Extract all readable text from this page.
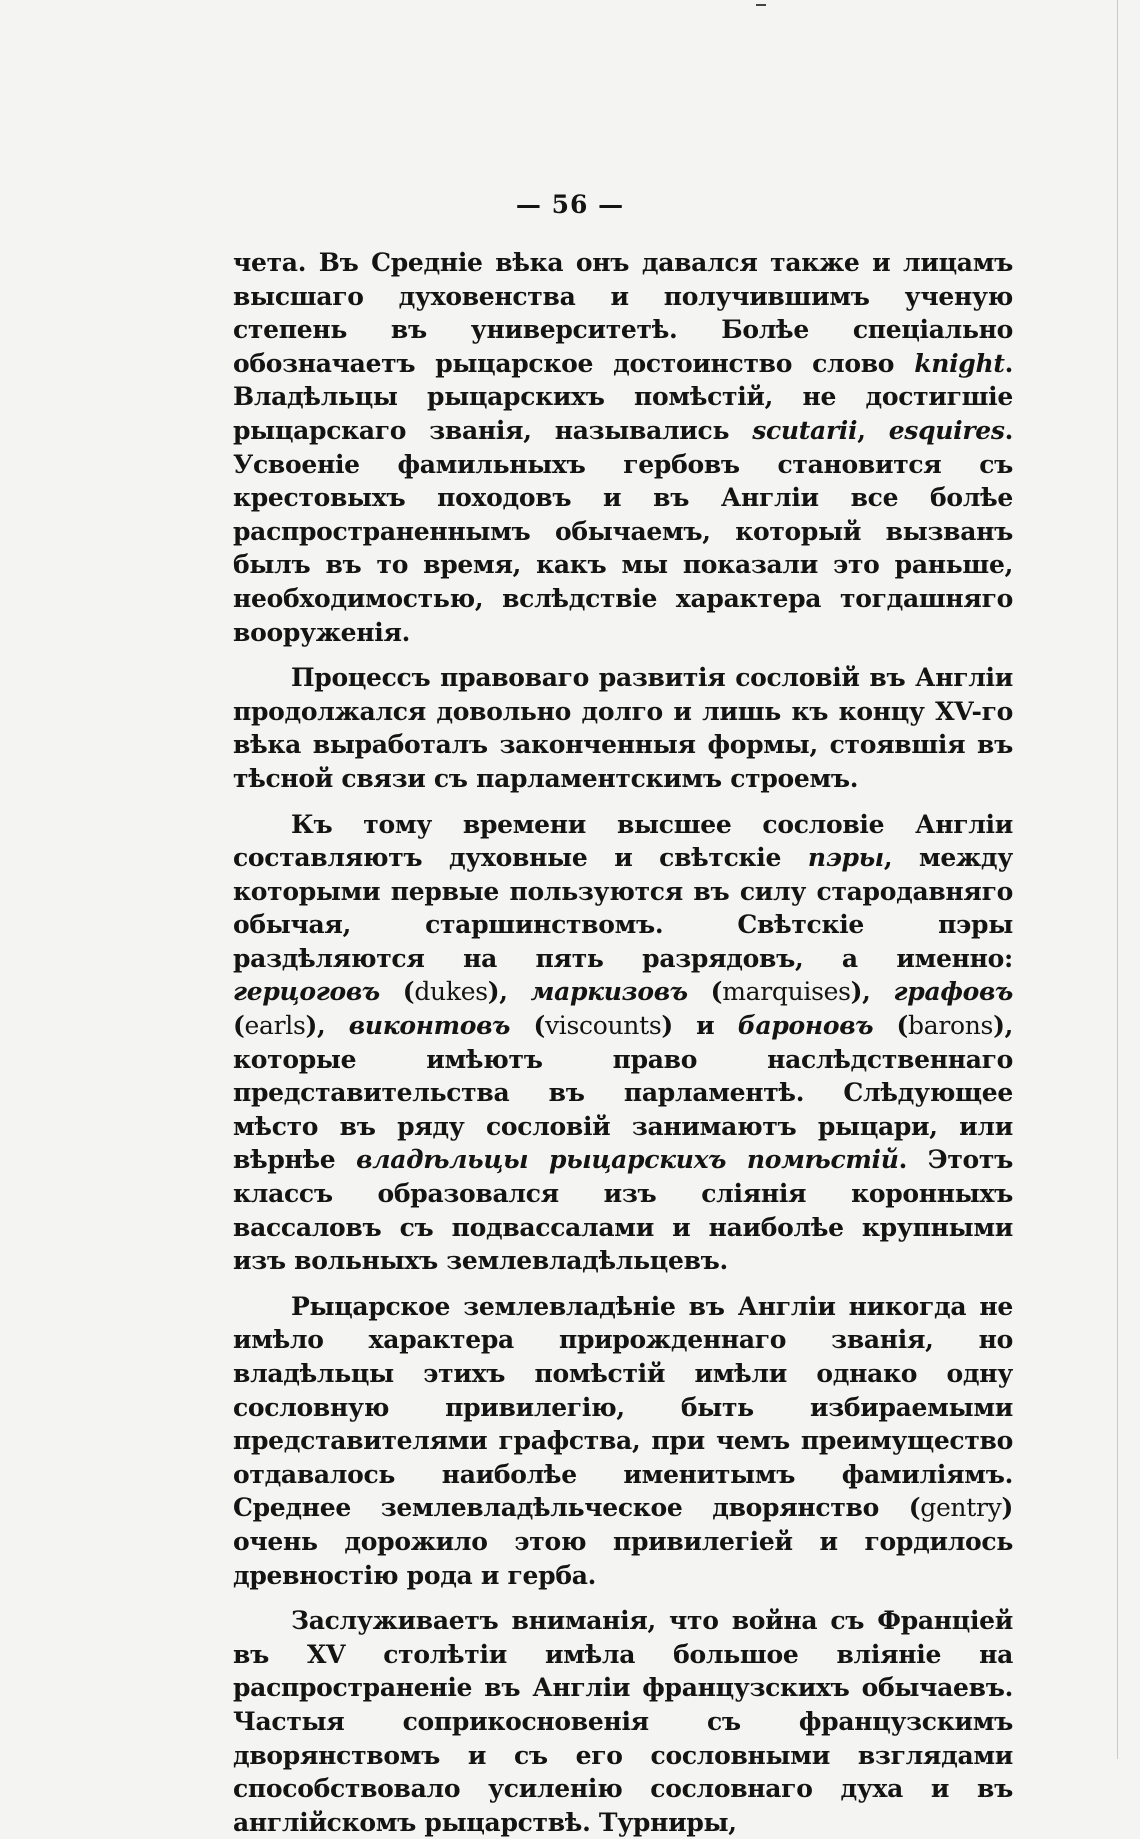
— 56 —

чета. Въ Средніе вѣка онъ давался также и лицамъ высшаго духовенства и получившимъ ученую степень въ университетѣ. Болѣе спеціально обозначаетъ рыцарское достоинство слово knight. Владѣльцы рыцарскихъ помѣстій, не достигшіе рыцарскаго званія, назывались scutarii, esquires. Усвоеніе фамильныхъ гербовъ становится съ крестовыхъ походовъ и въ Англіи все болѣе распространеннымъ обычаемъ, который вызванъ былъ въ то время, какъ мы показали это раньше, необходимостью, вслѣдствіе характера тогдашняго вооруженія.

Процессъ правоваго развитія сословій въ Англіи продолжался довольно долго и лишь къ концу XV-го вѣка выработалъ законченныя формы, стоявшія въ тѣсной связи съ парламентскимъ строемъ.

Къ тому времени высшее сословіе Англіи составляютъ духовные и свѣтскіе пэры, между которыми первые пользуются въ силу стародавняго обычая, старшинствомъ. Свѣтскіе пэры раздѣляются на пять разрядовъ, а именно: герцоговъ (dukes), маркизовъ (marquises), графовъ (earls), виконтовъ (viscounts) и бароновъ (barons), которые имѣютъ право наслѣдственнаго представительства въ парламентѣ. Слѣдующее мѣсто въ ряду сословій занимаютъ рыцари, или вѣрнѣе владѣльцы рыцарскихъ помѣстій. Этотъ классъ образовался изъ сліянія коронныхъ вассаловъ съ подвассалами и наиболѣе крупными изъ вольныхъ землевладѣльцевъ.

Рыцарское землевладѣніе въ Англіи никогда не имѣло характера прирожденнаго званія, но владѣльцы этихъ помѣстій имѣли однако одну сословную привилегію, быть избираемыми представителями графства, при чемъ преимущество отдавалось наиболѣе именитымъ фамиліямъ. Среднее землевладѣльческое дворянство (gentry) очень дорожило этою привилегіей и гордилось древностію рода и герба.

Заслуживаетъ вниманія, что война съ Франціей въ XV столѣтіи имѣла большое вліяніе на распространеніе въ Англіи французскихъ обычаевъ. Частыя соприкосновенія съ французскимъ дворянствомъ и съ его сословными взглядами способствовало усиленію сословнаго духа и въ англійскомъ рыцарствѣ. Турниры,
